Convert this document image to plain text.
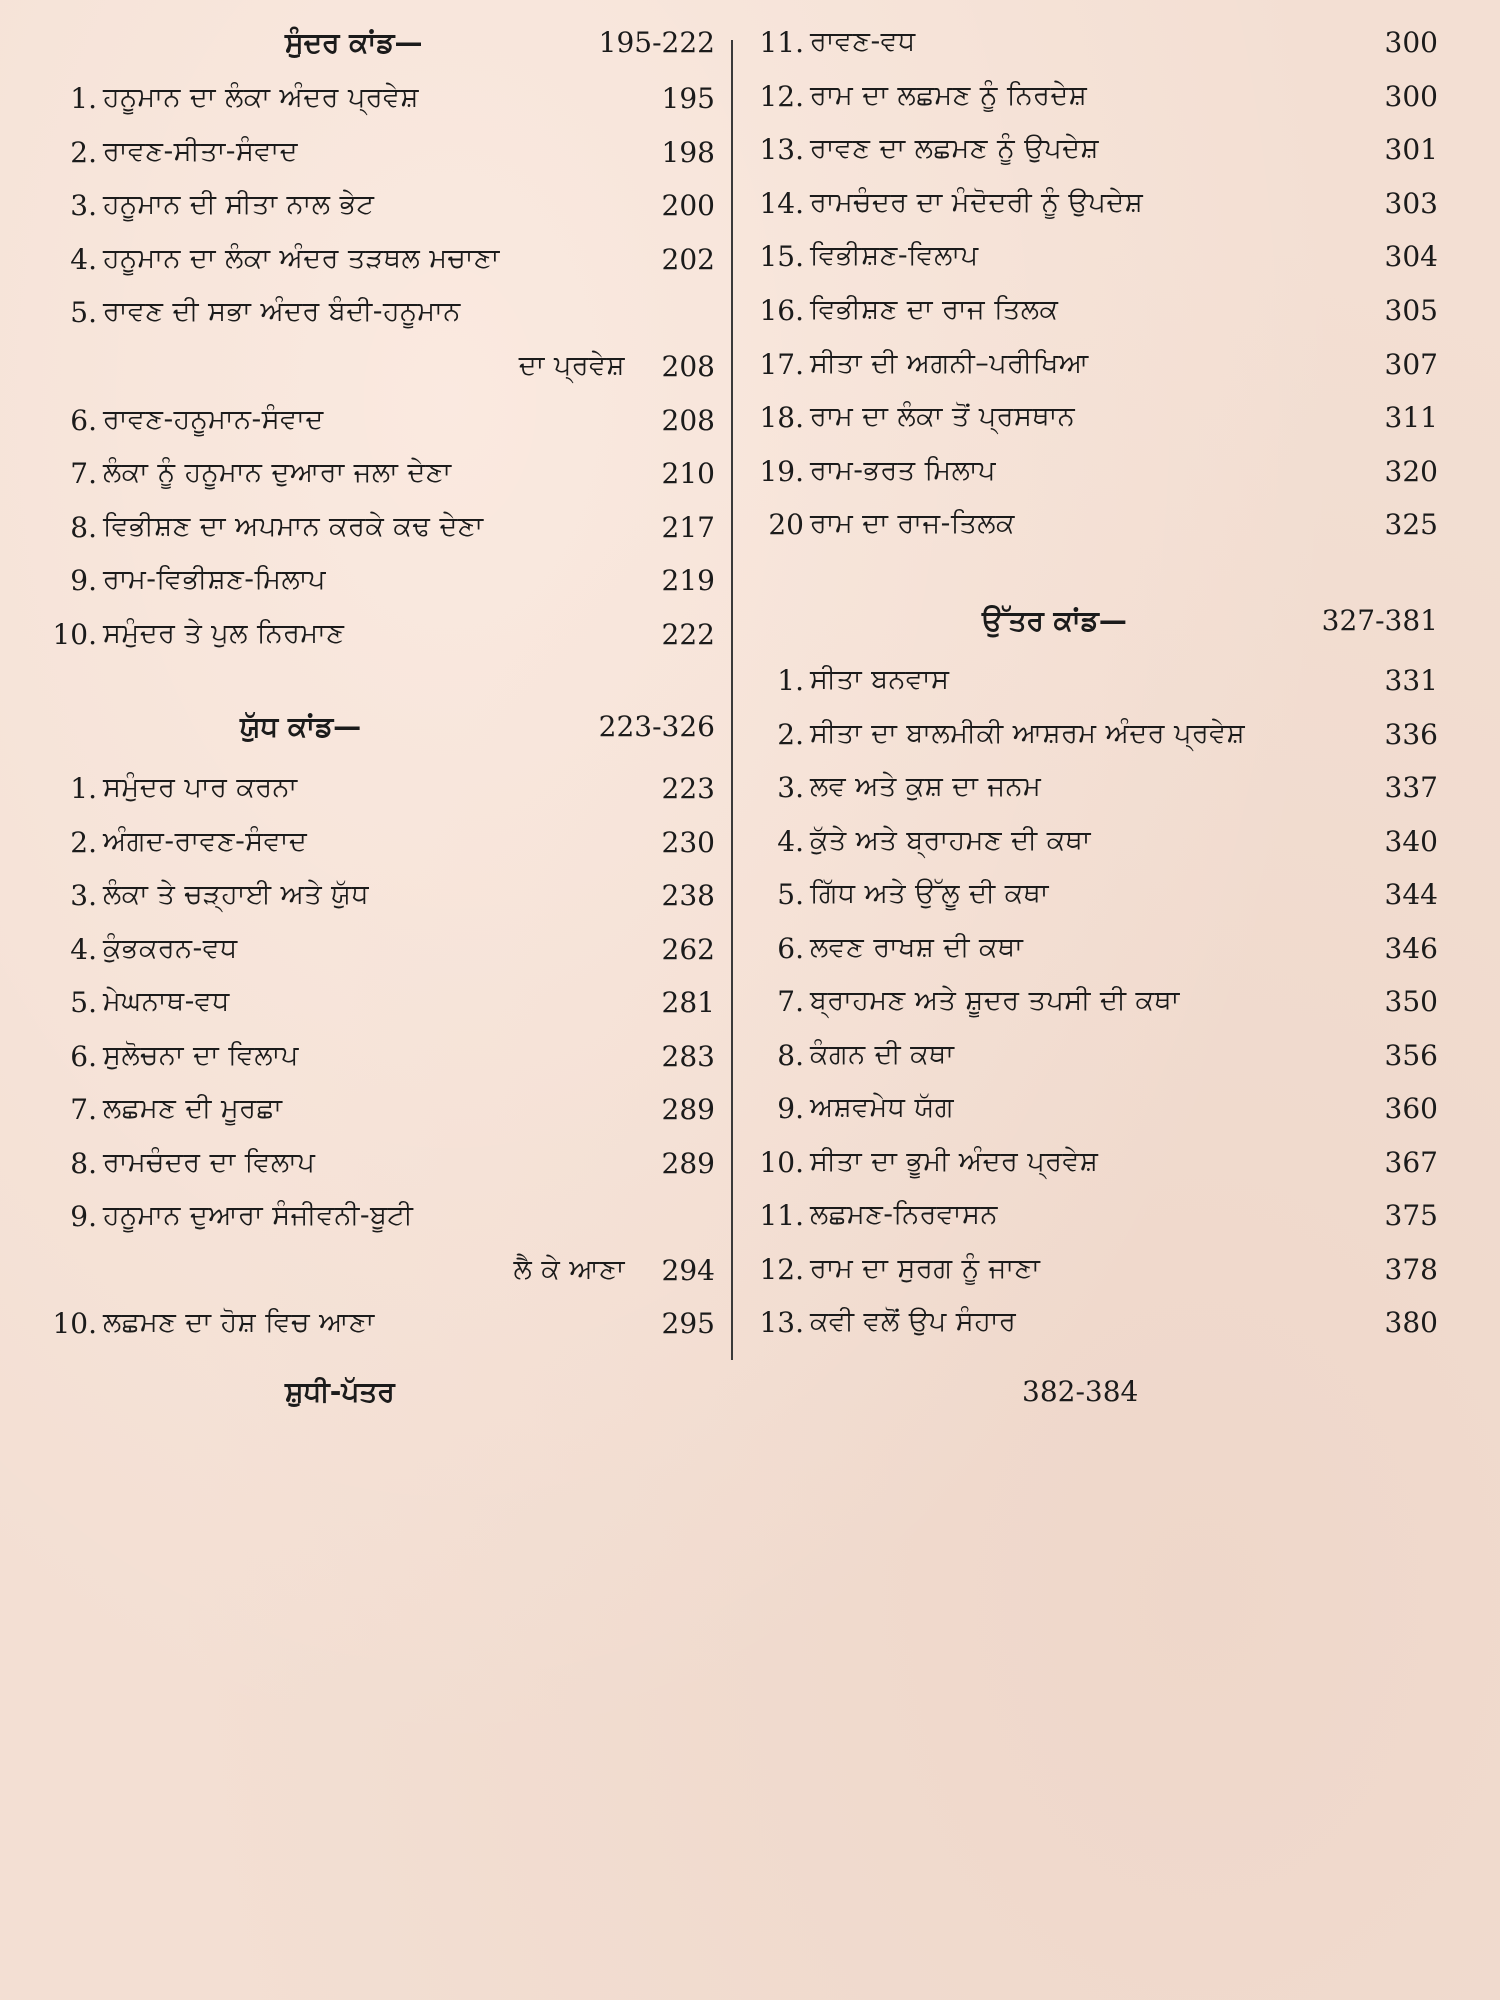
ਸੁੰਦਰ ਕਾਂਡ—	195-222
1. ਹਨੂਮਾਨ ਦਾ ਲੰਕਾ ਅੰਦਰ ਪ੍ਰਵੇਸ਼	195
2. ਰਾਵਣ-ਸੀਤਾ-ਸੰਵਾਦ	198
3. ਹਨੂਮਾਨ ਦੀ ਸੀਤਾ ਨਾਲ ਭੇਟ	200
4. ਹਨੂਮਾਨ ਦਾ ਲੰਕਾ ਅੰਦਰ ਤੜਥਲ ਮਚਾਣਾ	202
5. ਰਾਵਣ ਦੀ ਸਭਾ ਅੰਦਰ ਬੰਦੀ-ਹਨੂਮਾਨ
ਦਾ ਪ੍ਰਵੇਸ਼ 208
6. ਰਾਵਣ-ਹਨੂਮਾਨ-ਸੰਵਾਦ	208
7. ਲੰਕਾ ਨੂੰ ਹਨੂਮਾਨ ਦੁਆਰਾ ਜਲਾ ਦੇਣਾ	210
8. ਵਿਭੀਸ਼ਣ ਦਾ ਅਪਮਾਨ ਕਰਕੇ ਕਢ ਦੇਣਾ	217
9. ਰਾਮ-ਵਿਭੀਸ਼ਣ-ਮਿਲਾਪ	219
10. ਸਮੁੰਦਰ ਤੇ ਪੁਲ ਨਿਰਮਾਣ	222
ਯੁੱਧ ਕਾਂਡ—	223-326
1. ਸਮੁੰਦਰ ਪਾਰ ਕਰਨਾ	223
2. ਅੰਗਦ-ਰਾਵਣ-ਸੰਵਾਦ	230
3. ਲੰਕਾ ਤੇ ਚੜ੍ਹਾਈ ਅਤੇ ਯੁੱਧ	238
4. ਕੁੰਭਕਰਨ-ਵਧ	262
5. ਮੇਘਨਾਥ-ਵਧ	281
6. ਸੁਲੋਚਨਾ ਦਾ ਵਿਲਾਪ	283
7. ਲਛਮਣ ਦੀ ਮੂਰਛਾ	289
8. ਰਾਮਚੰਦਰ ਦਾ ਵਿਲਾਪ	289
9. ਹਨੂਮਾਨ ਦੁਆਰਾ ਸੰਜੀਵਨੀ-ਬੂਟੀ
ਲੈ ਕੇ ਆਣਾ 294
10. ਲਛਮਣ ਦਾ ਹੋਸ਼ ਵਿਚ ਆਣਾ	295
11. ਰਾਵਣ-ਵਧ	300
12. ਰਾਮ ਦਾ ਲਛਮਣ ਨੂੰ ਨਿਰਦੇਸ਼	300
13. ਰਾਵਣ ਦਾ ਲਛਮਣ ਨੂੰ ਉਪਦੇਸ਼	301
14. ਰਾਮਚੰਦਰ ਦਾ ਮੰਦੋਦਰੀ ਨੂੰ ਉਪਦੇਸ਼	303
15. ਵਿਭੀਸ਼ਣ-ਵਿਲਾਪ	304
16. ਵਿਭੀਸ਼ਣ ਦਾ ਰਾਜ ਤਿਲਕ	305
17. ਸੀਤਾ ਦੀ ਅਗਨੀ–ਪਰੀਖਿਆ	307
18. ਰਾਮ ਦਾ ਲੰਕਾ ਤੋਂ ਪ੍ਰਸਥਾਨ	311
19. ਰਾਮ-ਭਰਤ ਮਿਲਾਪ	320
20 ਰਾਮ ਦਾ ਰਾਜ-ਤਿਲਕ	325
ਉੱਤਰ ਕਾਂਡ—	327-381
1. ਸੀਤਾ ਬਨਵਾਸ	331
2. ਸੀਤਾ ਦਾ ਬਾਲਮੀਕੀ ਆਸ਼ਰਮ ਅੰਦਰ ਪ੍ਰਵੇਸ਼	336
3. ਲਵ ਅਤੇ ਕੁਸ਼ ਦਾ ਜਨਮ	337
4. ਕੁੱਤੇ ਅਤੇ ਬ੍ਰਾਹਮਣ ਦੀ ਕਥਾ	340
5. ਗਿੱਧ ਅਤੇ ਉੱਲੂ ਦੀ ਕਥਾ	344
6. ਲਵਣ ਰਾਖਸ਼ ਦੀ ਕਥਾ	346
7. ਬ੍ਰਾਹਮਣ ਅਤੇ ਸ਼ੂਦਰ ਤਪਸੀ ਦੀ ਕਥਾ	350
8. ਕੰਗਨ ਦੀ ਕਥਾ	356
9. ਅਸ਼ਵਮੇਧ ਯੱਗ	360
10. ਸੀਤਾ ਦਾ ਭੂਮੀ ਅੰਦਰ ਪ੍ਰਵੇਸ਼	367
11. ਲਛਮਣ-ਨਿਰਵਾਸਨ	375
12. ਰਾਮ ਦਾ ਸੁਰਗ ਨੂੰ ਜਾਣਾ	378
13. ਕਵੀ ਵਲੋਂ ਉਪ ਸੰਹਾਰ	380
ਸ਼ੁਧੀ-ਪੱਤਰ	382-384
